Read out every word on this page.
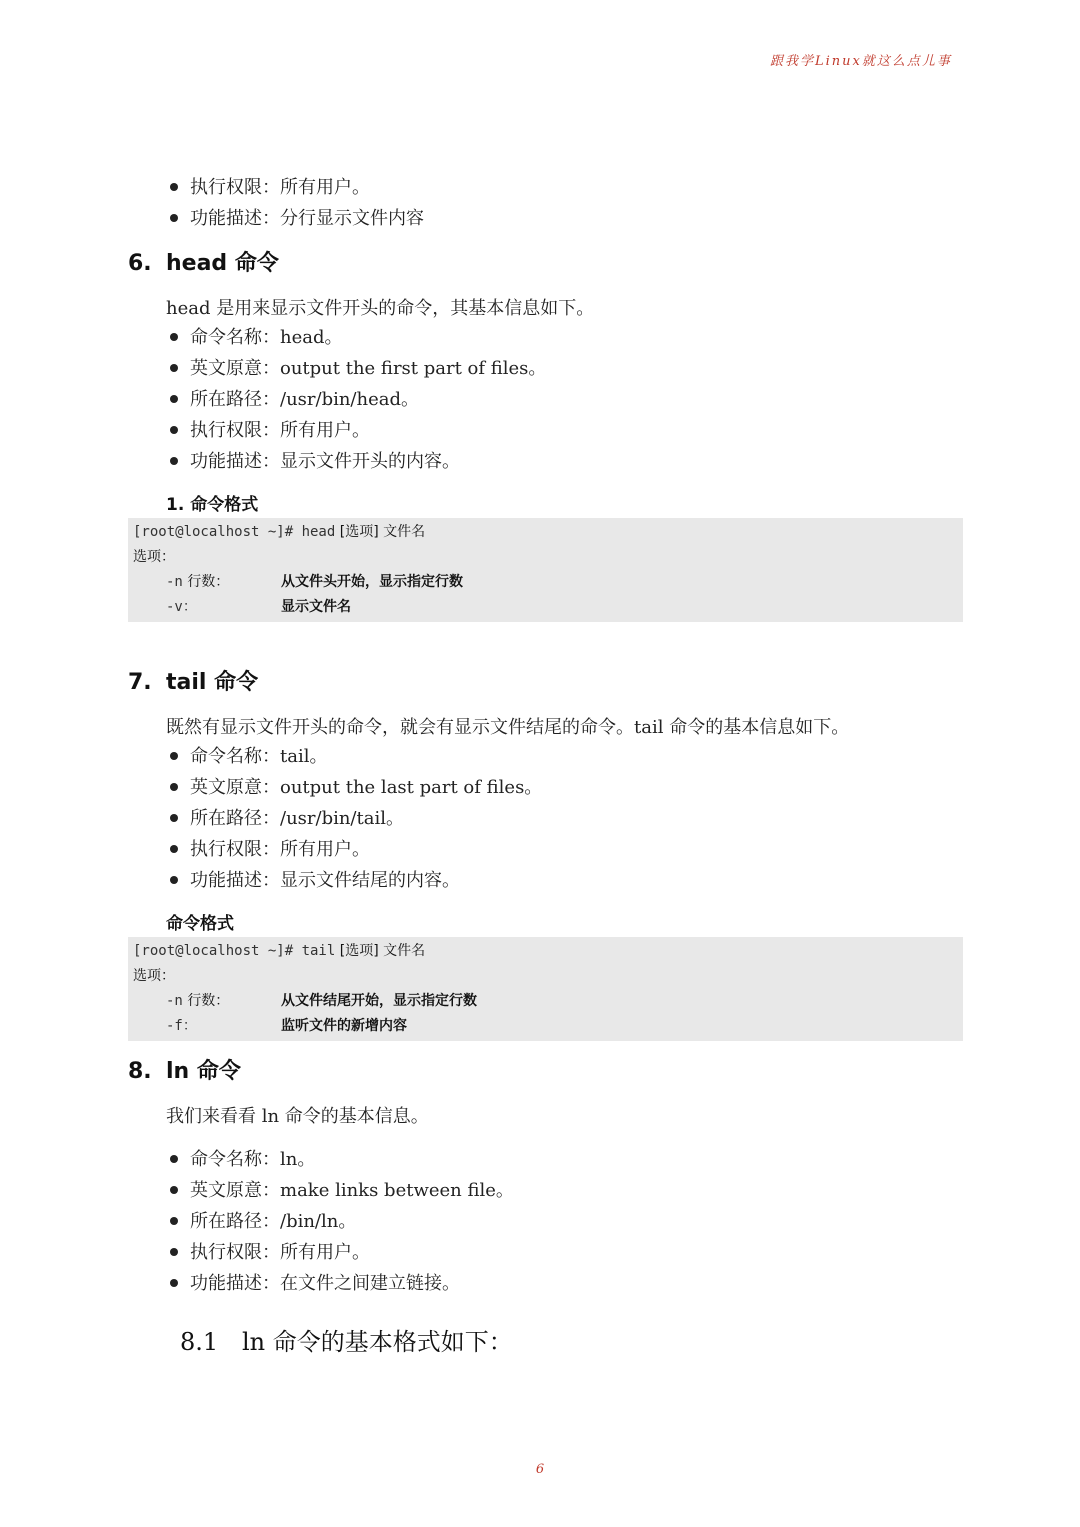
跟我学Linux就这么点儿事
执行权限：所有用户。
功能描述：分行显示文件内容
6. head 命令

head 是用来显示文件开头的命令，其基本信息如下。

命令名称：head。
英文原意：output the first part of files。
所在路径：/usr/bin/head。
执行权限：所有用户。
功能描述：显示文件开头的内容。
1. 命令格式
[root@localhost ~]# head [选项] 文件名
选项：
-n 行数：	从文件头开始，显示指定行数
-v：	显示文件名
7. tail 命令

既然有显示文件开头的命令，就会有显示文件结尾的命令。tail 命令的基本信息如下。

命令名称：tail。
英文原意：output the last part of files。
所在路径：/usr/bin/tail。
执行权限：所有用户。
功能描述：显示文件结尾的内容。
命令格式
[root@localhost ~]# tail [选项] 文件名
选项：
-n 行数：	从文件结尾开始，显示指定行数
-f：	监听文件的新增内容
8. ln 命令

我们来看看 ln 命令的基本信息。

命令名称：ln。
英文原意：make links between file。
所在路径：/bin/ln。
执行权限：所有用户。
功能描述：在文件之间建立链接。
8.1 ln 命令的基本格式如下：
6
